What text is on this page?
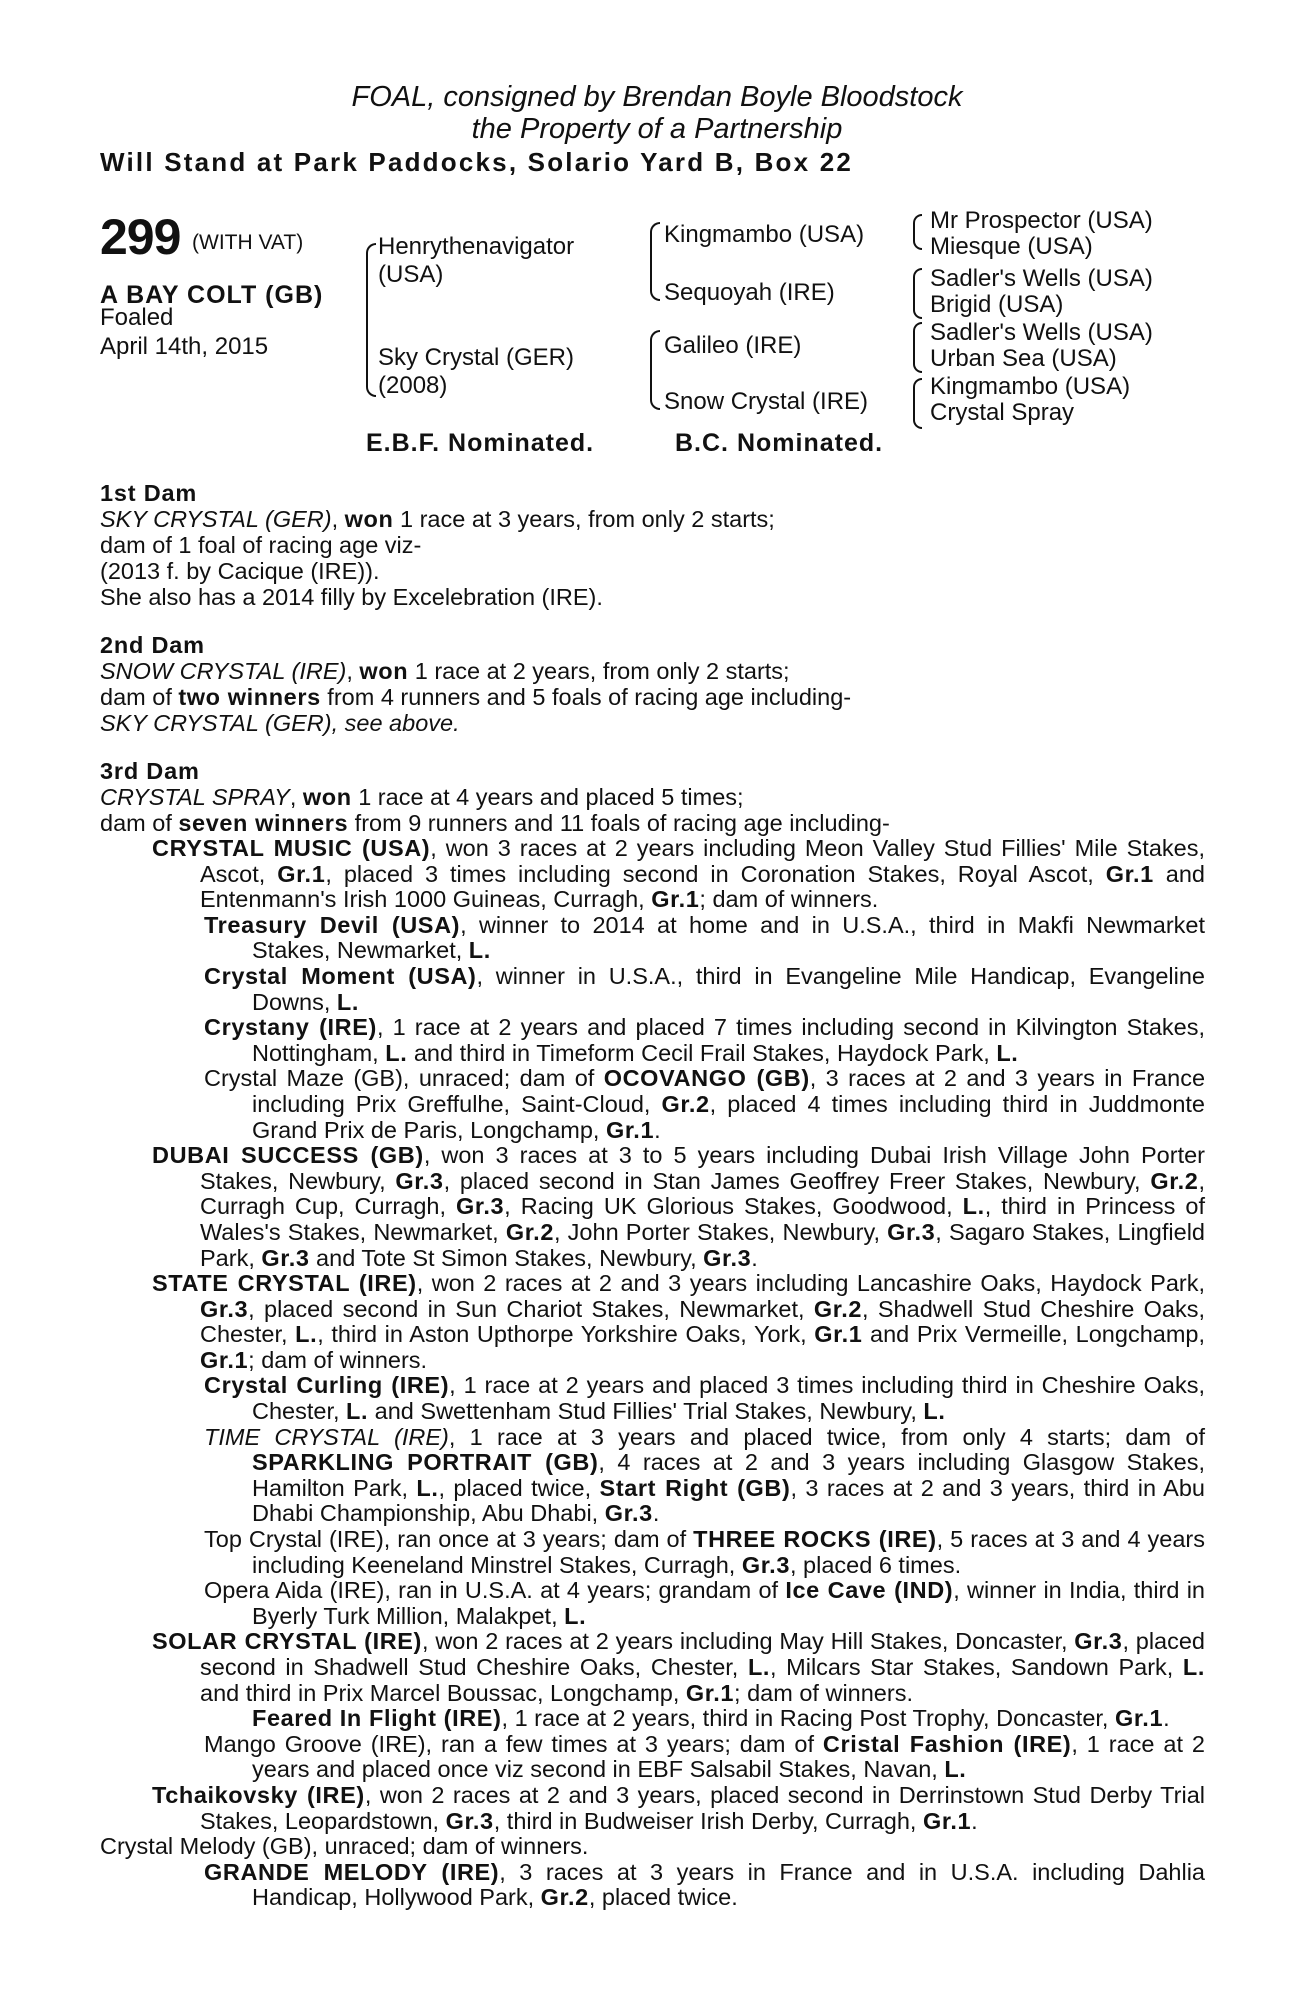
FOAL, consigned by Brendan Boyle Bloodstock
the Property of a Partnership
Will Stand at Park Paddocks, Solario Yard B, Box 22
299 (WITH VAT)
A BAY COLT (GB)
Foaled
April 14th, 2015
Henrythenavigator
(USA)
Sky Crystal (GER)
(2008)
Kingmambo (USA)
Sequoyah (IRE)
Galileo (IRE)
Snow Crystal (IRE)
Mr Prospector (USA)
Miesque (USA)
Sadler's Wells (USA)
Brigid (USA)
Sadler's Wells (USA)
Urban Sea (USA)
Kingmambo (USA)
Crystal Spray
E.B.F. Nominated.	B.C. Nominated.
1st Dam

SKY CRYSTAL (GER), won 1 race at 3 years, from only 2 starts;

dam of 1 foal of racing age viz-

(2013 f. by Cacique (IRE)).

She also has a 2014 filly by Excelebration (IRE).

2nd Dam

SNOW CRYSTAL (IRE), won 1 race at 2 years, from only 2 starts;

dam of two winners from 4 runners and 5 foals of racing age including-

SKY CRYSTAL (GER), see above.

3rd Dam

CRYSTAL SPRAY, won 1 race at 4 years and placed 5 times;

dam of seven winners from 9 runners and 11 foals of racing age including-

CRYSTAL MUSIC (USA), won 3 races at 2 years including Meon Valley Stud Fillies' Mile Stakes, Ascot, Gr.1, placed 3 times including second in Coronation Stakes, Royal Ascot, Gr.1 and Entenmann's Irish 1000 Guineas, Curragh, Gr.1; dam of winners.
Treasury Devil (USA), winner to 2014 at home and in U.S.A., third in Makfi Newmarket Stakes, Newmarket, L.
Crystal Moment (USA), winner in U.S.A., third in Evangeline Mile Handicap, Evangeline Downs, L.
Crystany (IRE), 1 race at 2 years and placed 7 times including second in Kilvington Stakes, Nottingham, L. and third in Timeform Cecil Frail Stakes, Haydock Park, L.
Crystal Maze (GB), unraced; dam of OCOVANGO (GB), 3 races at 2 and 3 years in France including Prix Greffulhe, Saint-Cloud, Gr.2, placed 4 times including third in Juddmonte Grand Prix de Paris, Longchamp, Gr.1.
DUBAI SUCCESS (GB), won 3 races at 3 to 5 years including Dubai Irish Village John Porter Stakes, Newbury, Gr.3, placed second in Stan James Geoffrey Freer Stakes, Newbury, Gr.2, Curragh Cup, Curragh, Gr.3, Racing UK Glorious Stakes, Goodwood, L., third in Princess of Wales's Stakes, Newmarket, Gr.2, John Porter Stakes, Newbury, Gr.3, Sagaro Stakes, Lingfield Park, Gr.3 and Tote St Simon Stakes, Newbury, Gr.3.
STATE CRYSTAL (IRE), won 2 races at 2 and 3 years including Lancashire Oaks, Haydock Park, Gr.3, placed second in Sun Chariot Stakes, Newmarket, Gr.2, Shadwell Stud Cheshire Oaks, Chester, L., third in Aston Upthorpe Yorkshire Oaks, York, Gr.1 and Prix Vermeille, Longchamp, Gr.1; dam of winners.
Crystal Curling (IRE), 1 race at 2 years and placed 3 times including third in Cheshire Oaks, Chester, L. and Swettenham Stud Fillies' Trial Stakes, Newbury, L.
TIME CRYSTAL (IRE), 1 race at 3 years and placed twice, from only 4 starts; dam of SPARKLING PORTRAIT (GB), 4 races at 2 and 3 years including Glasgow Stakes, Hamilton Park, L., placed twice, Start Right (GB), 3 races at 2 and 3 years, third in Abu Dhabi Championship, Abu Dhabi, Gr.3.
Top Crystal (IRE), ran once at 3 years; dam of THREE ROCKS (IRE), 5 races at 3 and 4 years including Keeneland Minstrel Stakes, Curragh, Gr.3, placed 6 times.
Opera Aida (IRE), ran in U.S.A. at 4 years; grandam of Ice Cave (IND), winner in India, third in Byerly Turk Million, Malakpet, L.
SOLAR CRYSTAL (IRE), won 2 races at 2 years including May Hill Stakes, Doncaster, Gr.3, placed second in Shadwell Stud Cheshire Oaks, Chester, L., Milcars Star Stakes, Sandown Park, L. and third in Prix Marcel Boussac, Longchamp, Gr.1; dam of winners.
Feared In Flight (IRE), 1 race at 2 years, third in Racing Post Trophy, Doncaster, Gr.1.
Mango Groove (IRE), ran a few times at 3 years; dam of Cristal Fashion (IRE), 1 race at 2 years and placed once viz second in EBF Salsabil Stakes, Navan, L.
Tchaikovsky (IRE), won 2 races at 2 and 3 years, placed second in Derrinstown Stud Derby Trial Stakes, Leopardstown, Gr.3, third in Budweiser Irish Derby, Curragh, Gr.1.
Crystal Melody (GB), unraced; dam of winners.
GRANDE MELODY (IRE), 3 races at 3 years in France and in U.S.A. including Dahlia Handicap, Hollywood Park, Gr.2, placed twice.
